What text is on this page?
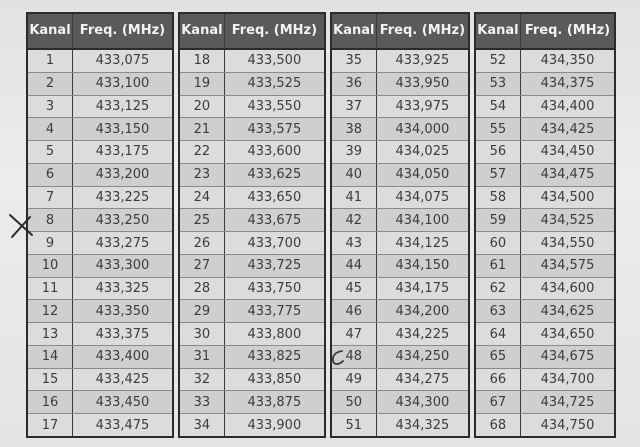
Kanal Freq. (MHz)
1	433,075
2	433,100
3	433,125
4	433,150
5	433,175
6	433,200
7	433,225
8	433,250
9	433,275
10	433,300
11	433,325
12	433,350
13	433,375
14	433,400
15	433,425
16	433,450
17	433,475
Kanal Freq. (MHz)
18	433,500
19	433,525
20	433,550
21	433,575
22	433,600
23	433,625
24	433,650
25	433,675
26	433,700
27	433,725
28	433,750
29	433,775
30	433,800
31	433,825
32	433,850
33	433,875
34	433,900
Kanal Freq. (MHz)
35	433,925
36	433,950
37	433,975
38	434,000
39	434,025
40	434,050
41	434,075
42	434,100
43	434,125
44	434,150
45	434,175
46	434,200
47	434,225
48	434,250
49	434,275
50	434,300
51	434,325
Kanal Freq. (MHz)
52	434,350
53	434,375
54	434,400
55	434,425
56	434,450
57	434,475
58	434,500
59	434,525
60	434,550
61	434,575
62	434,600
63	434,625
64	434,650
65	434,675
66	434,700
67	434,725
68	434,750
